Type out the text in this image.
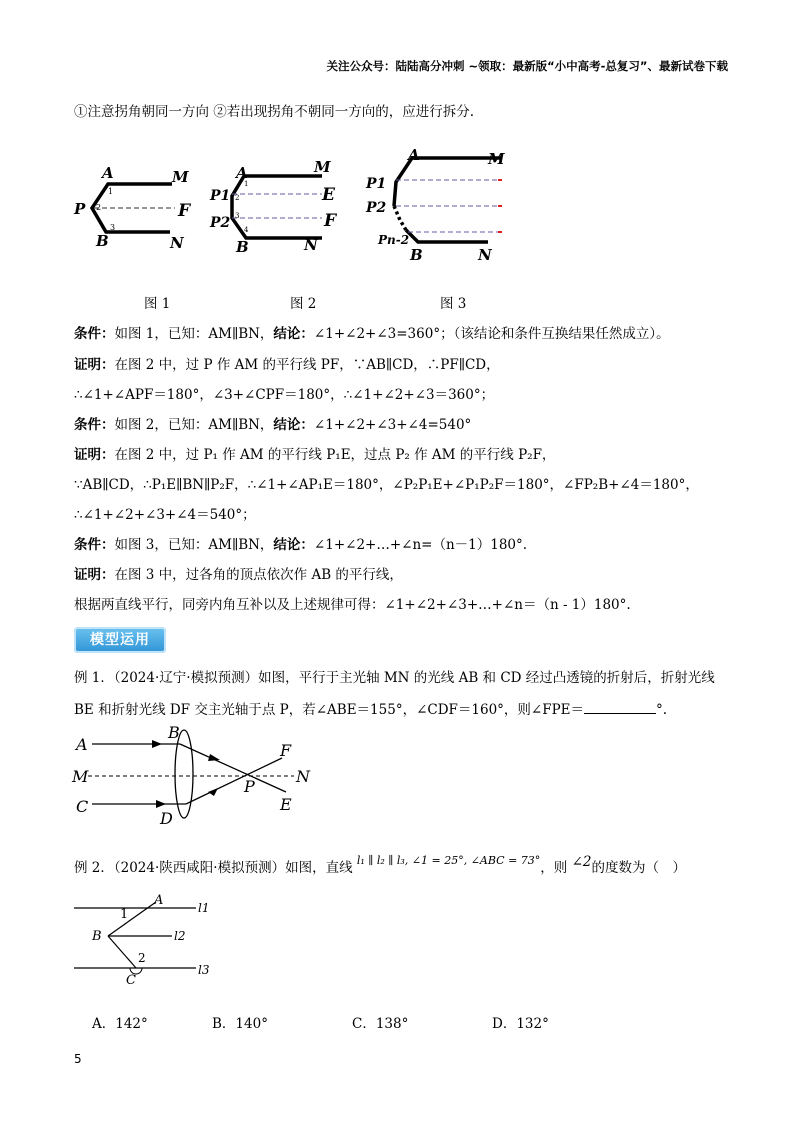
关注公众号：陆陆高分冲刺 ~领取：最新版“小中高考-总复习”、最新试卷下载
①注意拐角朝同一方向 ②若出现拐角不朝同一方向的，应进行拆分.
A	M
P	F
B	N
1
2
3
A	M
P1	E
P2	F
B	N
1
2
3
4
A	M
P1
P2
Pn-2
B	N
图 1	图 2	图 3
条件：如图 1，已知：AM∥BN，结论：∠1+∠2+∠3=360°；（该结论和条件互换结果任然成立）。
证明：在图 2 中，过 P 作 AM 的平行线 PF，∵AB∥CD，∴PF∥CD，
∴∠1+∠APF＝180°，∠3+∠CPF＝180°，∴∠1+∠2+∠3＝360°；
条件：如图 2，已知：AM∥BN，结论：∠1+∠2+∠3+∠4=540°
证明：在图 2 中，过 P₁ 作 AM 的平行线 P₁E，过点 P₂ 作 AM 的平行线 P₂F，
∵AB∥CD，∴P₁E∥BN∥P₂F，∴∠1+∠AP₁E＝180°，∠P₂P₁E+∠P₁P₂F＝180°，∠FP₂B+∠4＝180°，
∴∠1+∠2+∠3+∠4＝540°；
条件：如图 3，已知：AM∥BN，结论：∠1+∠2+…+∠n=（n－1）180°.
证明：在图 3 中，过各角的顶点依次作 AB 的平行线，
根据两直线平行，同旁内角互补以及上述规律可得：∠1+∠2+∠3+…+∠n＝（n - 1）180°.
模型运用
例 1．（2024·辽宁·模拟预测）如图，平行于主光轴 MN 的光线 AB 和 CD 经过凸透镜的折射后，折射光线
BE 和折射光线 DF 交主光轴于点 P，若∠ABE＝155°，∠CDF＝160°，则∠FPE＝	°.
A
B
M
C
D
F
N
P
E
例 2．（2024·陕西咸阳·模拟预测）如图，直线 $^{l_1 \parallel l_2 \parallel l_3, \angle 1 = 25^\circ, \angle ABC = 73^\circ}$，则 ∠2的度数为（　）
A
B
C
1
2
l1
l2
l3
A．142°	B．140°	C．138°	D．132°
5
